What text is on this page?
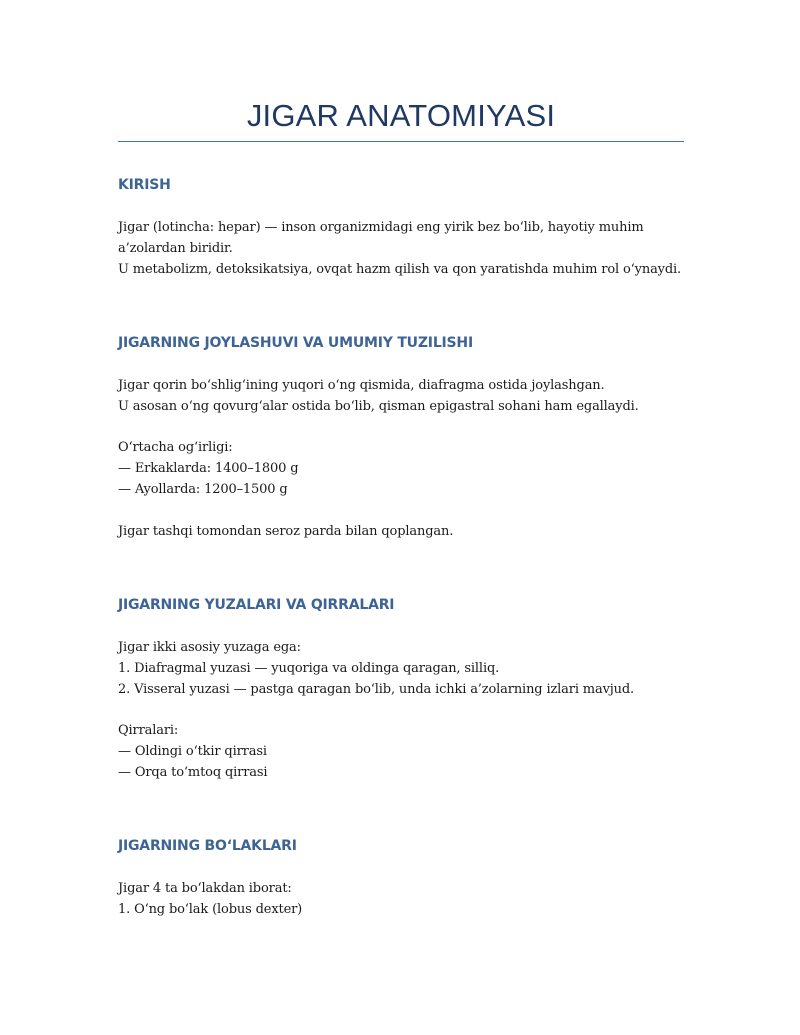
JIGAR ANATOMIYASI
KIRISH
Jigar (lotincha: hepar) — inson organizmidagi eng yirik bez bo‘lib, hayotiy muhim
a’zolardan biridir.
U metabolizm, detoksikatsiya, ovqat hazm qilish va qon yaratishda muhim rol o‘ynaydi.
JIGARNING JOYLASHUVI VA UMUMIY TUZILISHI
Jigar qorin bo‘shlig‘ining yuqori o‘ng qismida, diafragma ostida joylashgan.
U asosan o‘ng qovurg‘alar ostida bo‘lib, qisman epigastral sohani ham egallaydi.
O‘rtacha og‘irligi:
— Erkaklarda: 1400–1800 g
— Ayollarda: 1200–1500 g
Jigar tashqi tomondan seroz parda bilan qoplangan.
JIGARNING YUZALARI VA QIRRALARI
Jigar ikki asosiy yuzaga ega:
1. Diafragmal yuzasi — yuqoriga va oldinga qaragan, silliq.
2. Visseral yuzasi — pastga qaragan bo‘lib, unda ichki a’zolarning izlari mavjud.
Qirralari:
— Oldingi o‘tkir qirrasi
— Orqa to‘mtoq qirrasi
JIGARNING BO‘LAKLARI
Jigar 4 ta bo‘lakdan iborat:
1. O‘ng bo‘lak (lobus dexter)
